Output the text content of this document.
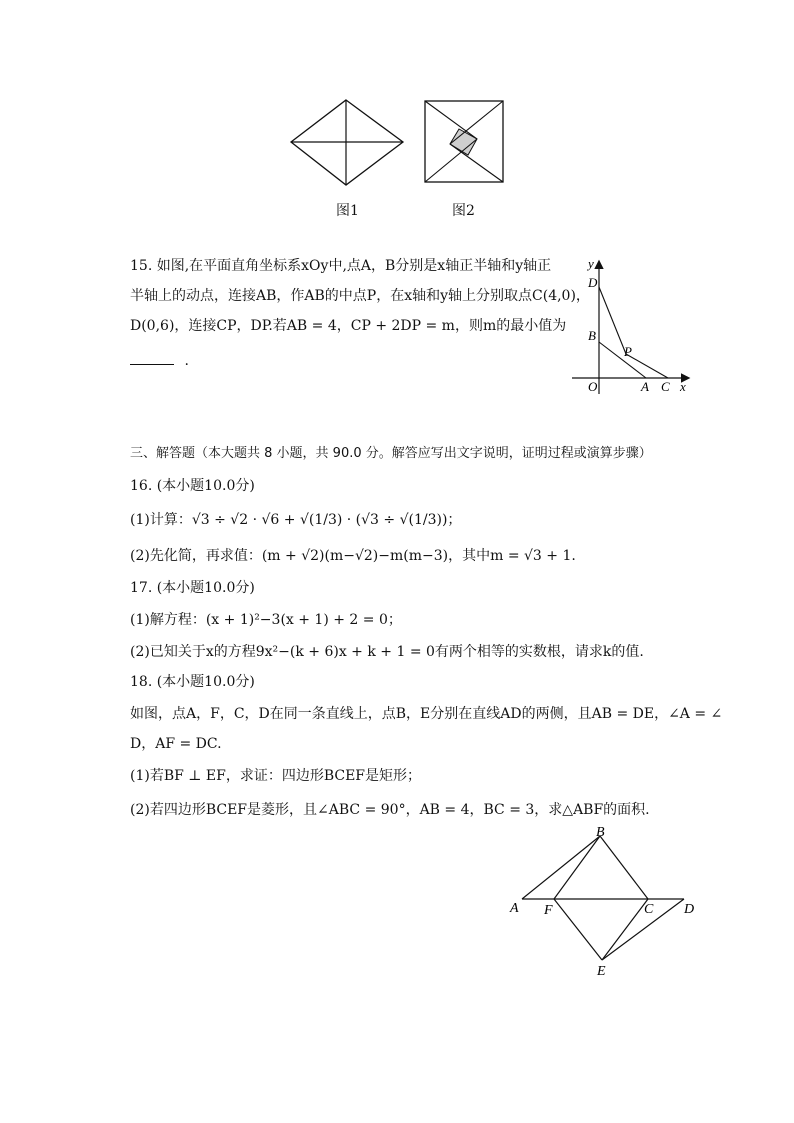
图1	图2
15. 如图,在平面直角坐标系xOy中,点A，B分别是x轴正半轴和y轴正
半轴上的动点，连接AB，作AB的中点P，在x轴和y轴上分别取点C(4,0)，
D(0,6)，连接CP，DP.若AB = 4，CP + 2DP = m，则m的最小值为
.
y
D
B
P
O	A C x
三、解答题（本大题共 8 小题，共 90.0 分。解答应写出文字说明，证明过程或演算步骤）
16. (本小题10.0分)
(1)计算：√3 ÷ √2 · √6 + √(1/3) · (√3 ÷ √(1/3))；
(2)先化简，再求值：(m + √2)(m−√2)−m(m−3)，其中m = √3 + 1.
17. (本小题10.0分)
(1)解方程：(x + 1)²−3(x + 1) + 2 = 0；
(2)已知关于x的方程9x²−(k + 6)x + k + 1 = 0有两个相等的实数根，请求k的值.
18. (本小题10.0分)
如图，点A，F，C，D在同一条直线上，点B，E分别在直线AD的两侧，且AB = DE，∠A = ∠
D，AF = DC.
(1)若BF ⊥ EF，求证：四边形BCEF是矩形；
(2)若四边形BCEF是菱形，且∠ABC = 90°，AB = 4，BC = 3，求△ABF的面积.
B
A F	C D
E
